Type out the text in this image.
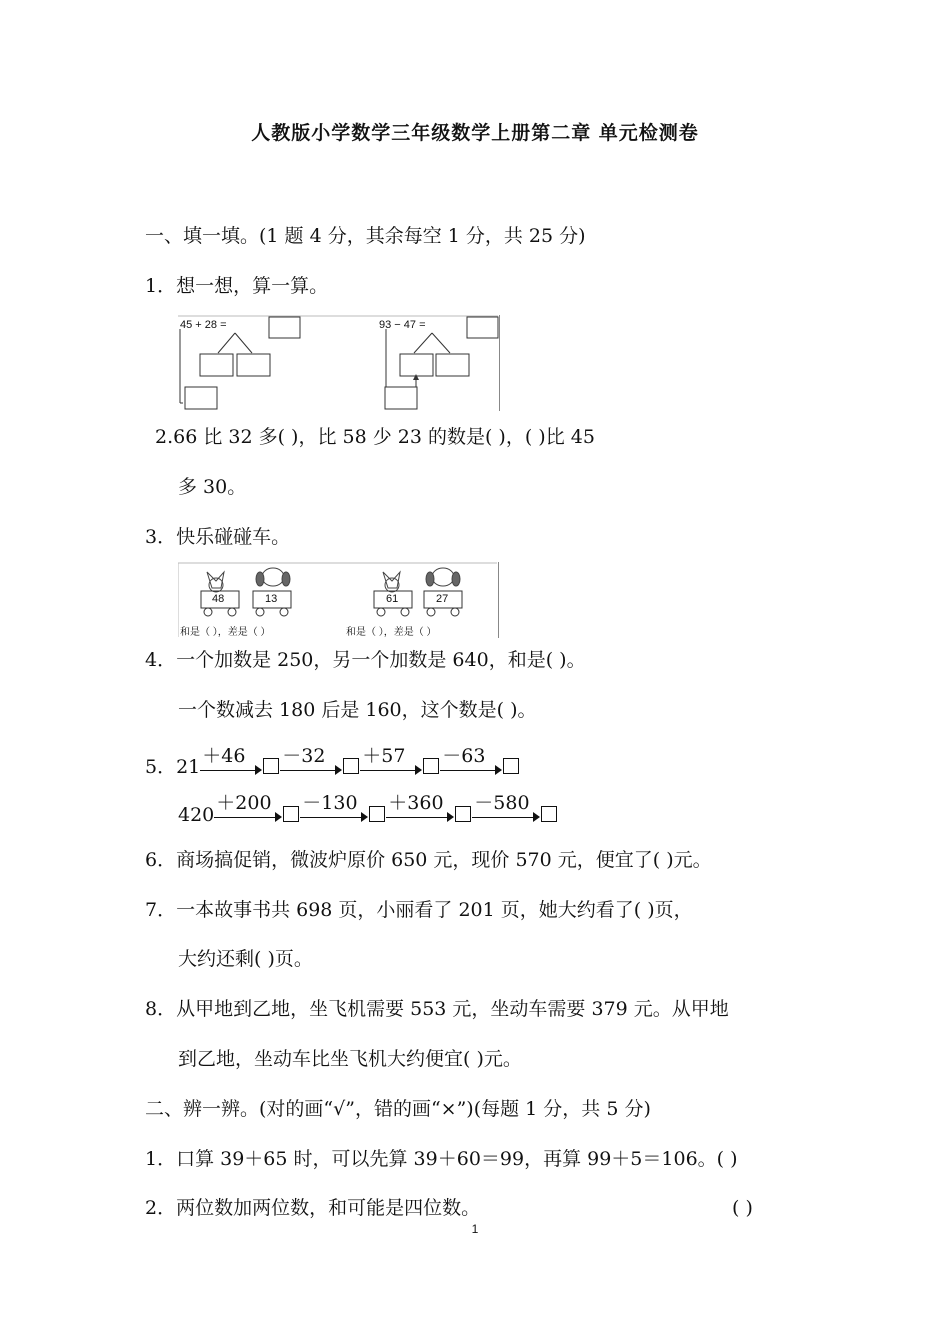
人教版小学数学三年级数学上册第二章 单元检测卷
一、填一填。(1 题 4 分，其余每空 1 分，共 25 分)
1．想一想，算一算。
45 + 28 =	93 − 47 =
2.66 比 32 多( )，比 58 少 23 的数是( )，( )比 45
多 30。
3．快乐碰碰车。
48	13	61	27
和是（ ），差是（ ）	和是（ ），差是（ ）
4．一个加数是 250，另一个加数是 640，和是( )。
一个数减去 180 后是 160，这个数是( )。
5．21 ＋46 －32 ＋57 －63
420
＋200 －130 ＋360 －580
6．商场搞促销，微波炉原价 650 元，现价 570 元，便宜了( )元。
7．一本故事书共 698 页，小丽看了 201 页，她大约看了( )页，
大约还剩( )页。
8．从甲地到乙地，坐飞机需要 553 元，坐动车需要 379 元。从甲地
到乙地，坐动车比坐飞机大约便宜( )元。
二、辨一辨。(对的画“√”，错的画“×”)(每题 1 分，共 5 分)
1．口算 39＋65 时，可以先算 39＋60＝99，再算 99＋5＝106。( )
2．两位数加两位数，和可能是四位数。	( )
1
